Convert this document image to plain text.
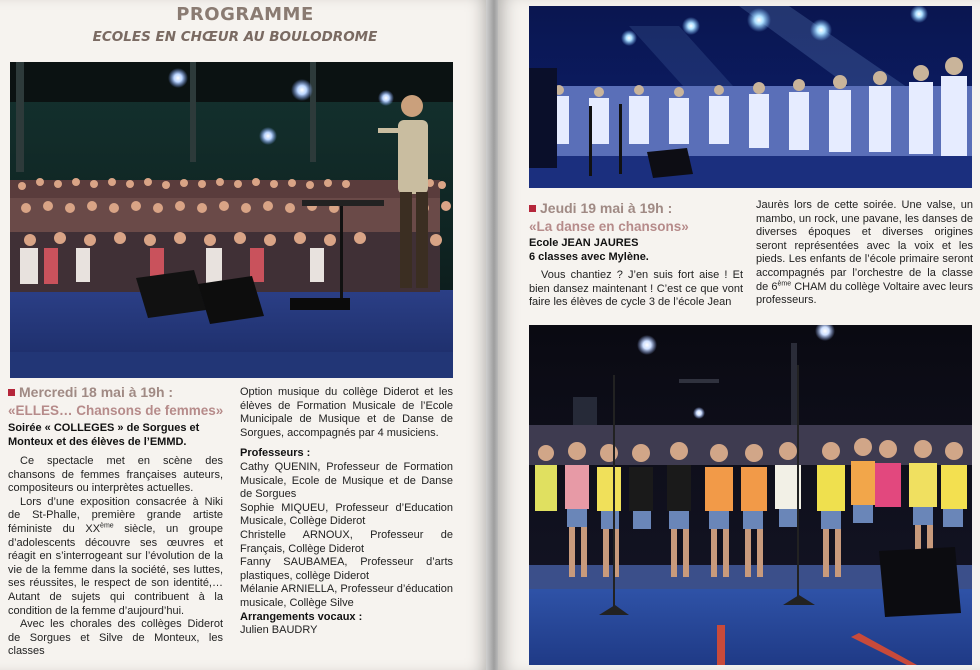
PROGRAMME
ECOLES EN CHŒUR AU BOULODROME
Mercredi 18 mai à 19h :
«ELLES… Chansons de femmes»
Soirée « COLLEGES » de Sorgues et
Monteux et des élèves de l’EMMD.

Ce spectacle met en scène des chansons de femmes françaises auteurs, compositeurs ou interprètes actuelles.

Lors d’une exposition consacrée à Niki de St-Phalle, première grande artiste féministe du XXème siècle, un groupe d’adolescents découvre ses œuvres et réagit en s’interrogeant sur l’évolution de la vie de la femme dans la société, ses luttes, ses réussites, le respect de son identité,… Autant de sujets qui contribuent à la condition de la femme d’aujourd’hui.

Avec les chorales des collèges Diderot de Sorgues et Silve de Monteux, les classes

Option musique du collège Diderot et les élèves de Formation Musicale de l’Ecole Municipale de Musique et de Danse de Sorgues, accompagnés par 4 musiciens.

Professeurs :

Cathy QUENIN, Professeur de Formation Musicale, Ecole de Musique et de Danse de Sorgues

Sophie MIQUEU, Professeur d’Education Musicale, Collège Diderot

Christelle ARNOUX, Professeur de Français, Collège Diderot

Fanny SAUBAMEA, Professeur d’arts plastiques, collège Diderot

Mélanie ARNIELLA, Professeur d’éducation musicale, Collège Silve

Arrangements vocaux :

Julien BAUDRY

Jeudi 19 mai à 19h :
«La danse en chansons»
Ecole JEAN JAURES
6 classes avec Mylène.

Vous chantiez ? J’en suis fort aise ! Et bien dansez maintenant ! C’est ce que vont faire les élèves de cycle 3 de l’école Jean

Jaurès lors de cette soirée. Une valse, un mambo, un rock, une pavane, les danses de diverses époques et diverses origines seront représentées avec la voix et les pieds. Les enfants de l’école primaire seront accompagnés par l’orchestre de la classe de 6ème CHAM du collège Voltaire avec leurs professeurs.
